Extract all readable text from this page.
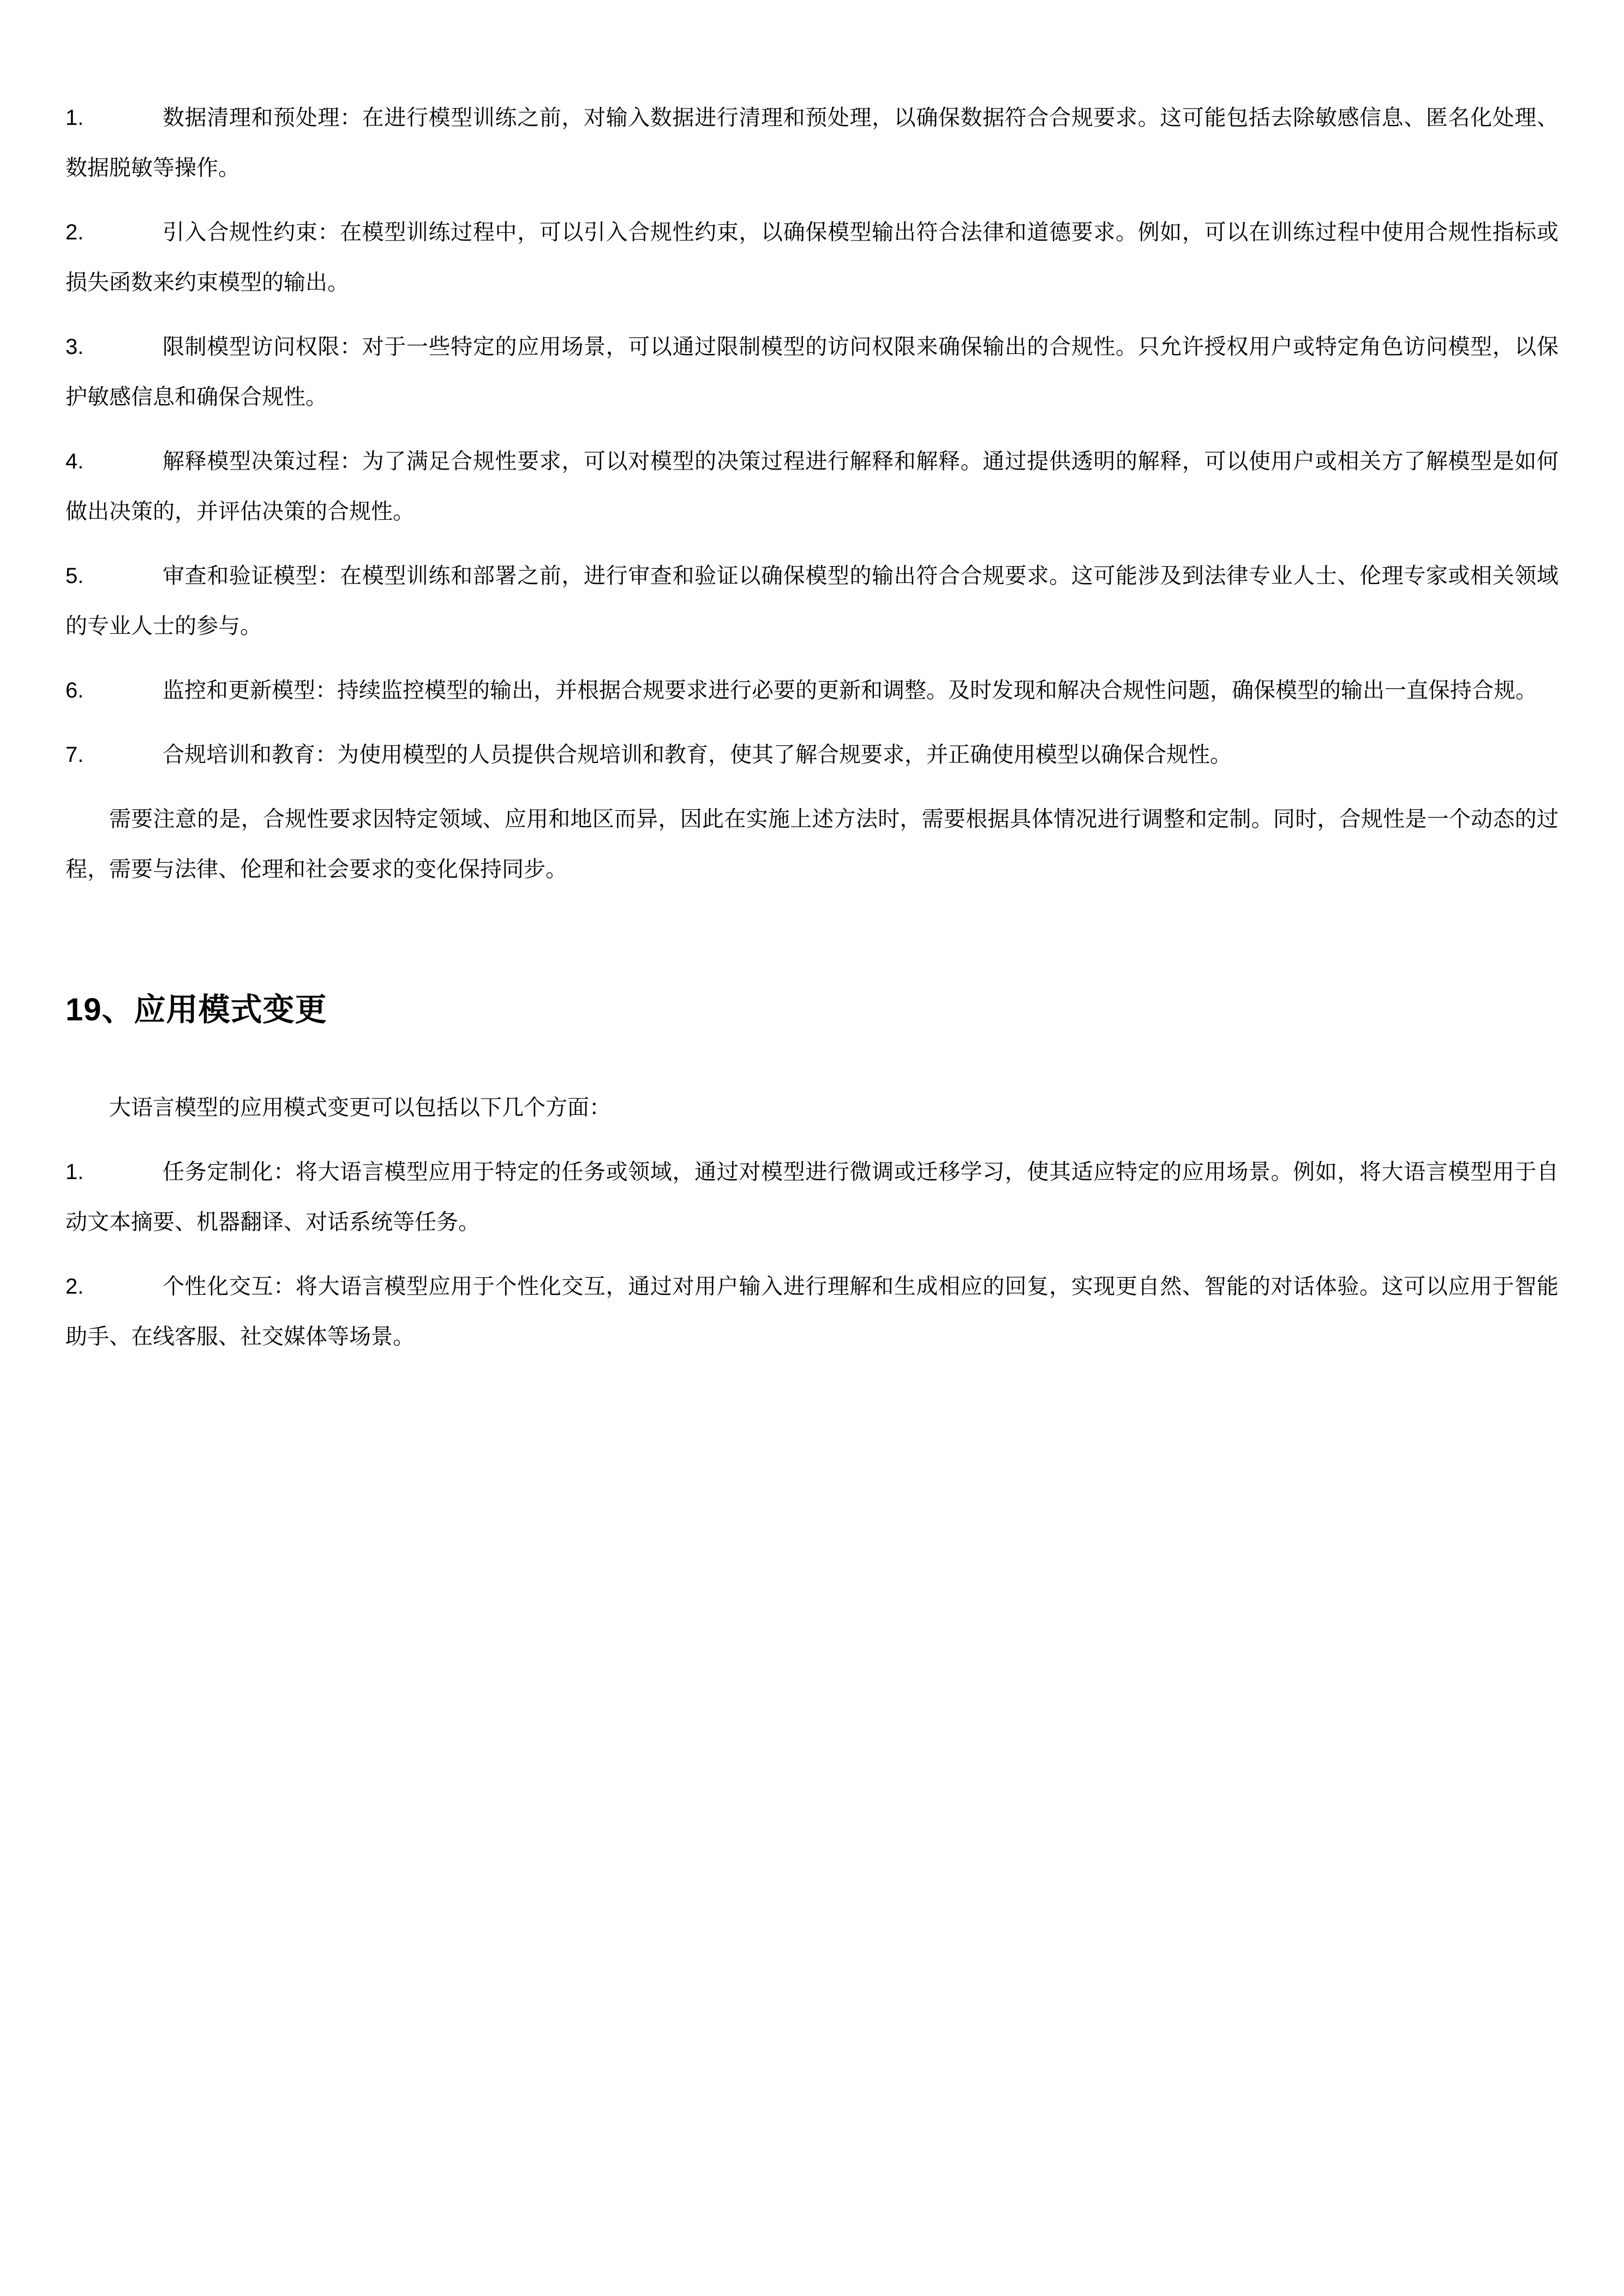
1.	数据清理和预处理：在进行模型训练之前，对输入数据进行清理和预处理，以确保数据符合合规要求。这可能包括去除敏感信息、匿名化处理、数据脱敏等操作。
2.	引入合规性约束：在模型训练过程中，可以引入合规性约束，以确保模型输出符合法律和道德要求。例如，可以在训练过程中使用合规性指标或损失函数来约束模型的输出。
3.	限制模型访问权限：对于一些特定的应用场景，可以通过限制模型的访问权限来确保输出的合规性。只允许授权用户或特定角色访问模型，以保护敏感信息和确保合规性。
4.	解释模型决策过程：为了满足合规性要求，可以对模型的决策过程进行解释和解释。通过提供透明的解释，可以使用户或相关方了解模型是如何做出决策的，并评估决策的合规性。
5.	审查和验证模型：在模型训练和部署之前，进行审查和验证以确保模型的输出符合合规要求。这可能涉及到法律专业人士、伦理专家或相关领域的专业人士的参与。
6.	监控和更新模型：持续监控模型的输出，并根据合规要求进行必要的更新和调整。及时发现和解决合规性问题，确保模型的输出一直保持合规。
7.	合规培训和教育：为使用模型的人员提供合规培训和教育，使其了解合规要求，并正确使用模型以确保合规性。

需要注意的是，合规性要求因特定领域、应用和地区而异，因此在实施上述方法时，需要根据具体情况进行调整和定制。同时，合规性是一个动态的过程，需要与法律、伦理和社会要求的变化保持同步。

19、应用模式变更

大语言模型的应用模式变更可以包括以下几个方面：

1.	任务定制化：将大语言模型应用于特定的任务或领域，通过对模型进行微调或迁移学习，使其适应特定的应用场景。例如，将大语言模型用于自动文本摘要、机器翻译、对话系统等任务。
2.	个性化交互：将大语言模型应用于个性化交互，通过对用户输入进行理解和生成相应的回复，实现更自然、智能的对话体验。这可以应用于智能助手、在线客服、社交媒体等场景。
